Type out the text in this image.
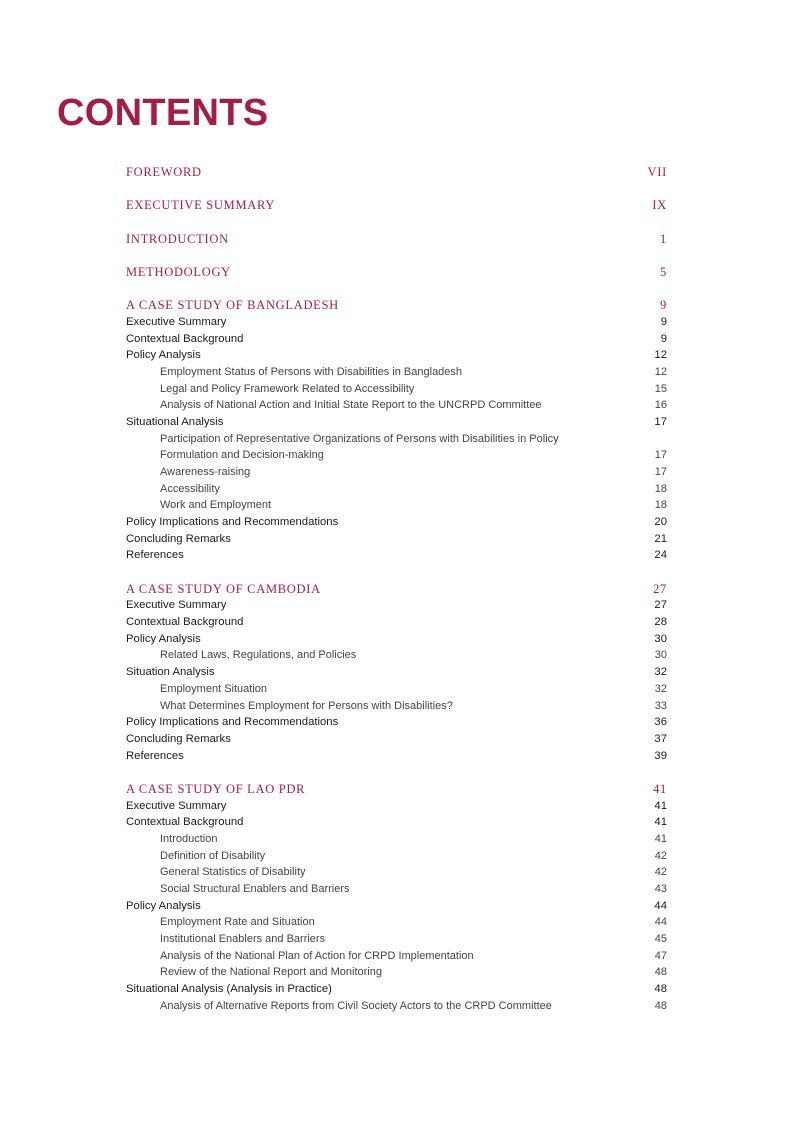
CONTENTS
FOREWORD	VII
EXECUTIVE SUMMARY	IX
INTRODUCTION	1
METHODOLOGY	5
A CASE STUDY OF BANGLADESH	9
Executive Summary	9
Contextual Background	9
Policy Analysis	12
Employment Status of Persons with Disabilities in Bangladesh	12
Legal and Policy Framework Related to Accessibility	15
Analysis of National Action and Initial State Report to the UNCRPD Committee	16
Situational Analysis	17
Participation of Representative Organizations of Persons with Disabilities in Policy
Formulation and Decision-making	17
Awareness-raising	17
Accessibility	18
Work and Employment	18
Policy Implications and Recommendations	20
Concluding Remarks	21
References	24
A CASE STUDY OF CAMBODIA	27
Executive Summary	27
Contextual Background	28
Policy Analysis	30
Related Laws, Regulations, and Policies	30
Situation Analysis	32
Employment Situation	32
What Determines Employment for Persons with Disabilities?	33
Policy Implications and Recommendations	36
Concluding Remarks	37
References	39
A CASE STUDY OF LAO PDR	41
Executive Summary	41
Contextual Background	41
Introduction	41
Definition of Disability	42
General Statistics of Disability	42
Social Structural Enablers and Barriers	43
Policy Analysis	44
Employment Rate and Situation	44
Institutional Enablers and Barriers	45
Analysis of the National Plan of Action for CRPD Implementation	47
Review of the National Report and Monitoring	48
Situational Analysis (Analysis in Practice)	48
Analysis of Alternative Reports from Civil Society Actors to the CRPD Committee	48
